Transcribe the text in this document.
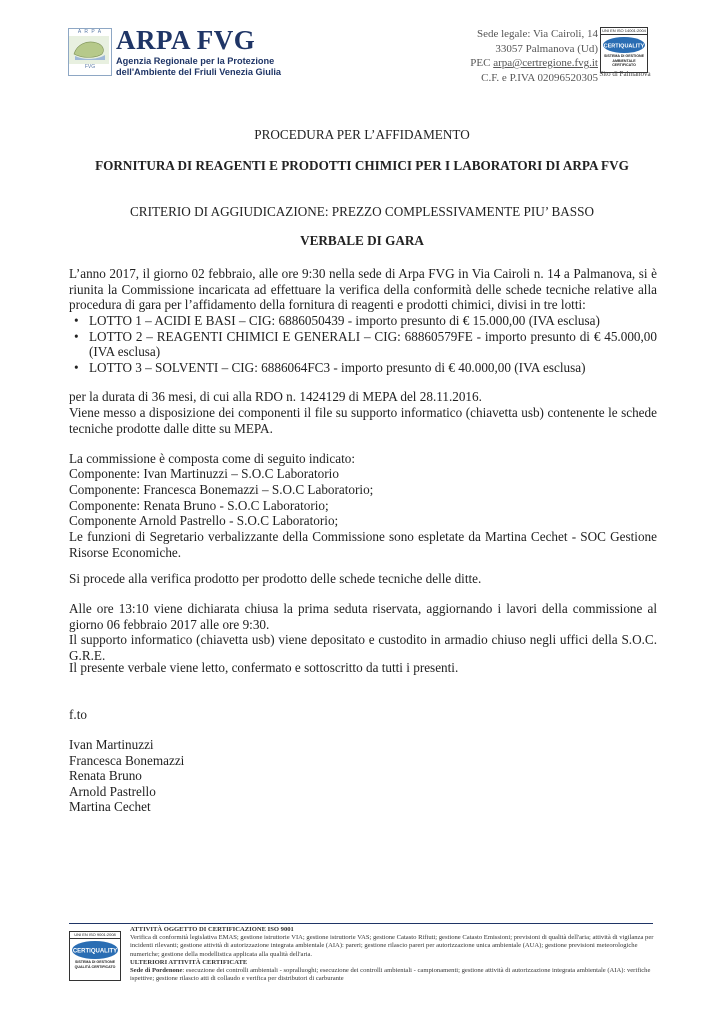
A R P A
FVG
ARPA FVG
Agenzia Regionale per la Protezione
dell'Ambiente del Friuli Venezia Giulia
Sede legale: Via Cairoli, 14
33057 Palmanova (Ud)
PEC arpa@certregione.fvg.it
C.F. e P.IVA 02096520305
UNI EN ISO 14001:2004
CERTIQUALITY
SISTEMA DI GESTIONE AMBIENTALE CERTIFICATO
Sito di Palmanova
PROCEDURA PER L’AFFIDAMENTO
FORNITURA DI REAGENTI E PRODOTTI CHIMICI PER I LABORATORI DI ARPA FVG
CRITERIO DI AGGIUDICAZIONE: PREZZO COMPLESSIVAMENTE PIU’ BASSO
VERBALE DI GARA
L’anno 2017, il giorno 02 febbraio, alle ore 9:30 nella sede di Arpa FVG in Via Cairoli n. 14 a Palmanova, si è riunita la Commissione incaricata ad effettuare la verifica della conformità delle schede tecniche relative alla procedura di gara per l’affidamento della fornitura di reagenti e prodotti chimici, divisi in tre lotti:
• LOTTO 1 – ACIDI E BASI – CIG: 6886050439 - importo presunto di € 15.000,00 (IVA esclusa)
• LOTTO 2 – REAGENTI CHIMICI E GENERALI – CIG: 68860579FE - importo presunto di € 45.000,00 (IVA esclusa)
• LOTTO 3 – SOLVENTI – CIG: 6886064FC3 - importo presunto di € 40.000,00 (IVA esclusa)
per la durata di 36 mesi, di cui alla RDO n. 1424129 di MEPA del 28.11.2016.
Viene messo a disposizione dei componenti il file su supporto informatico (chiavetta usb) contenente le schede tecniche prodotte dalle ditte su MEPA.
La commissione è composta come di seguito indicato:
Componente: Ivan Martinuzzi – S.O.C Laboratorio
Componente: Francesca Bonemazzi – S.O.C Laboratorio;
Componente: Renata Bruno - S.O.C Laboratorio;
Componente Arnold Pastrello - S.O.C Laboratorio;
Le funzioni di Segretario verbalizzante della Commissione sono espletate da Martina Cechet - SOC Gestione Risorse Economiche.
Si procede alla verifica prodotto per prodotto delle schede tecniche delle ditte.
Alle ore 13:10 viene dichiarata chiusa la prima seduta riservata, aggiornando i lavori della commissione al giorno 06 febbraio 2017 alle ore 9:30.
Il supporto informatico (chiavetta usb) viene depositato e custodito in armadio chiuso negli uffici della S.O.C. G.R.E.
Il presente verbale viene letto, confermato e sottoscritto da tutti i presenti.
f.to
Ivan Martinuzzi
Francesca Bonemazzi
Renata Bruno
Arnold Pastrello
Martina Cechet
UNI EN ISO 9001:2008
CERTIQUALITY
SISTEMA DI GESTIONE QUALITÀ CERTIFICATO
ATTIVITÀ OGGETTO DI CERTIFICAZIONE ISO 9001
Verifica di conformità legislativa EMAS; gestione istruttorie VIA; gestione istruttorie VAS; gestione Catasto Rifiuti; gestione Catasto Emissioni; previsioni di qualità dell'aria; attività di vigilanza per incidenti rilevanti; gestione attività di autorizzazione integrata ambientale (AIA): pareri; gestione rilascio pareri per autorizzazione unica ambientale (AUA); gestione previsioni meteorologiche numeriche; gestione della modellistica applicata alla qualità dell'aria.
ULTERIORI ATTIVITÀ CERTIFICATE
Sede di Pordenone: esecuzione dei controlli ambientali - sopralluoghi; esecuzione dei controlli ambientali - campionamenti; gestione attività di autorizzazione integrata ambientale (AIA): verifiche ispettive; gestione rilascio atti di collaudo e verifica per distributori di carburante
